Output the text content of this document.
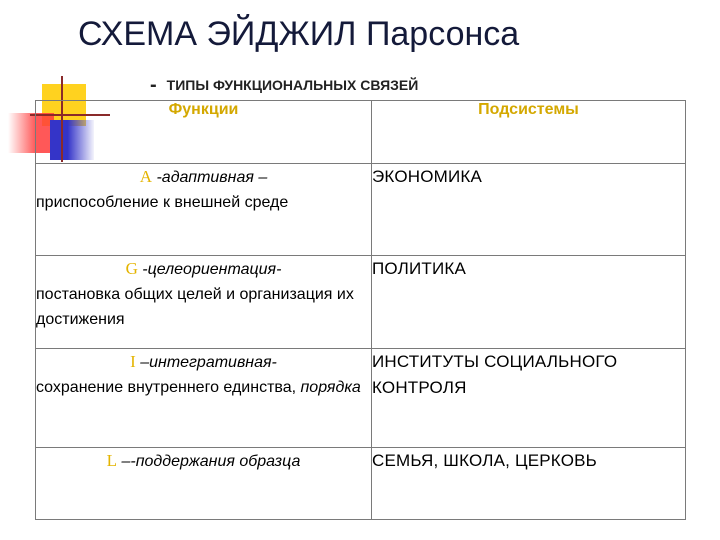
СХЕМА ЭЙДЖИЛ Парсонса
- ТИПЫ ФУНКЦИОНАЛЬНЫХ СВЯЗЕЙ
Функции	Подсистемы

A -адаптивная –
приспособление к внешней среде	ЭКОНОМИКА

G -целеориентация-
постановка общих целей и организация их достижения	ПОЛИТИКА

I –интегративная-
сохранение внутреннего единства, порядка	ИНСТИТУТЫ СОЦИАЛЬНОГО КОНТРОЛЯ

L –-поддержания образца	СЕМЬЯ, ШКОЛА, ЦЕРКОВЬ
